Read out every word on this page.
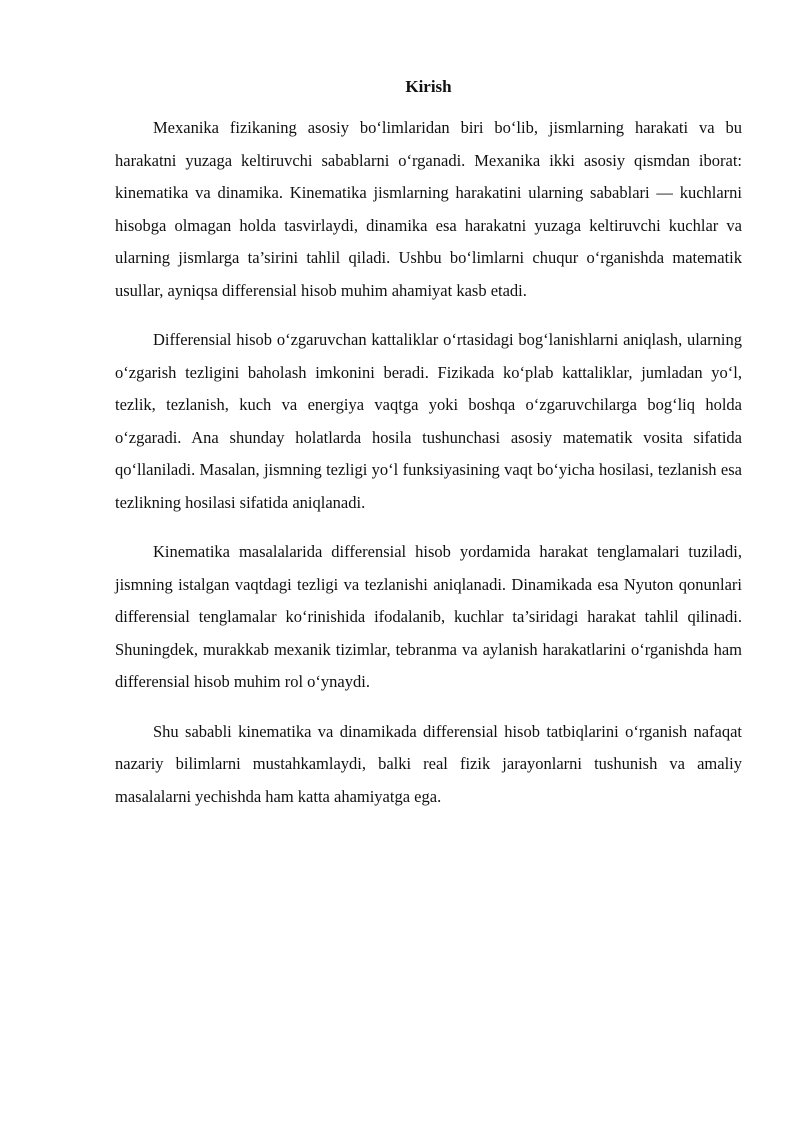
Kirish

Mexanika fizikaning asosiy bo‘limlaridan biri bo‘lib, jismlarning harakati va bu harakatni yuzaga keltiruvchi sabablarni o‘rganadi. Mexanika ikki asosiy qismdan iborat: kinematika va dinamika. Kinematika jismlarning harakatini ularning sabablari — kuchlarni hisobga olmagan holda tasvirlaydi, dinamika esa harakatni yuzaga keltiruvchi kuchlar va ularning jismlarga ta’sirini tahlil qiladi. Ushbu bo‘limlarni chuqur o‘rganishda matematik usullar, ayniqsa differensial hisob muhim ahamiyat kasb etadi.

Differensial hisob o‘zgaruvchan kattaliklar o‘rtasidagi bog‘lanishlarni aniqlash, ularning o‘zgarish tezligini baholash imkonini beradi. Fizikada ko‘plab kattaliklar, jumladan yo‘l, tezlik, tezlanish, kuch va energiya vaqtga yoki boshqa o‘zgaruvchilarga bog‘liq holda o‘zgaradi. Ana shunday holatlarda hosila tushunchasi asosiy matematik vosita sifatida qo‘llaniladi. Masalan, jismning tezligi yo‘l funksiyasining vaqt bo‘yicha hosilasi, tezlanish esa tezlikning hosilasi sifatida aniqlanadi.

Kinematika masalalarida differensial hisob yordamida harakat tenglamalari tuziladi, jismning istalgan vaqtdagi tezligi va tezlanishi aniqlanadi. Dinamikada esa Nyuton qonunlari differensial tenglamalar ko‘rinishida ifodalanib, kuchlar ta’siridagi harakat tahlil qilinadi. Shuningdek, murakkab mexanik tizimlar, tebranma va aylanish harakatlarini o‘rganishda ham differensial hisob muhim rol o‘ynaydi.

Shu sababli kinematika va dinamikada differensial hisob tatbiqlarini o‘rganish nafaqat nazariy bilimlarni mustahkamlaydi, balki real fizik jarayonlarni tushunish va amaliy masalalarni yechishda ham katta ahamiyatga ega.
